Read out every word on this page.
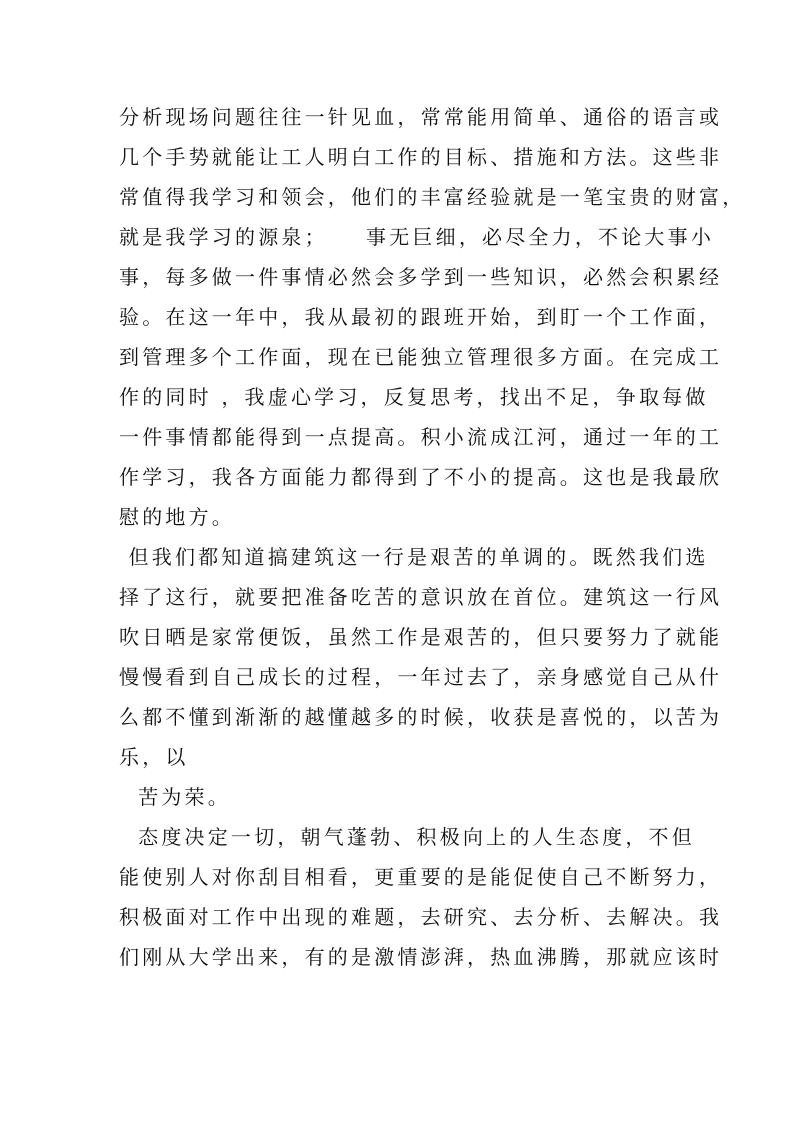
分析现场问题往往一针见血，常常能用简单、通俗的语言或
几个手势就能让工人明白工作的目标、措施和方法。这些非
常值得我学习和领会，他们的丰富经验就是一笔宝贵的财富，
就是我学习的源泉；    事无巨细，必尽全力，不论大事小
事，每多做一件事情必然会多学到一些知识，必然会积累经
验。在这一年中，我从最初的跟班开始，到盯一个工作面，
到管理多个工作面，现在已能独立管理很多方面。在完成工
作的同时 ，我虚心学习，反复思考，找出不足，争取每做
一件事情都能得到一点提高。积小流成江河，通过一年的工
作学习，我各方面能力都得到了不小的提高。这也是我最欣
慰的地方。
但我们都知道搞建筑这一行是艰苦的单调的。既然我们选
择了这行，就要把准备吃苦的意识放在首位。建筑这一行风
吹日晒是家常便饭，虽然工作是艰苦的，但只要努力了就能
慢慢看到自己成长的过程，一年过去了，亲身感觉自己从什
么都不懂到渐渐的越懂越多的时候，收获是喜悦的，以苦为
乐，以
苦为荣。
态度决定一切，朝气蓬勃、积极向上的人生态度，不但
能使别人对你刮目相看，更重要的是能促使自己不断努力，
积极面对工作中出现的难题，去研究、去分析、去解决。我
们刚从大学出来，有的是激情澎湃，热血沸腾，那就应该时
